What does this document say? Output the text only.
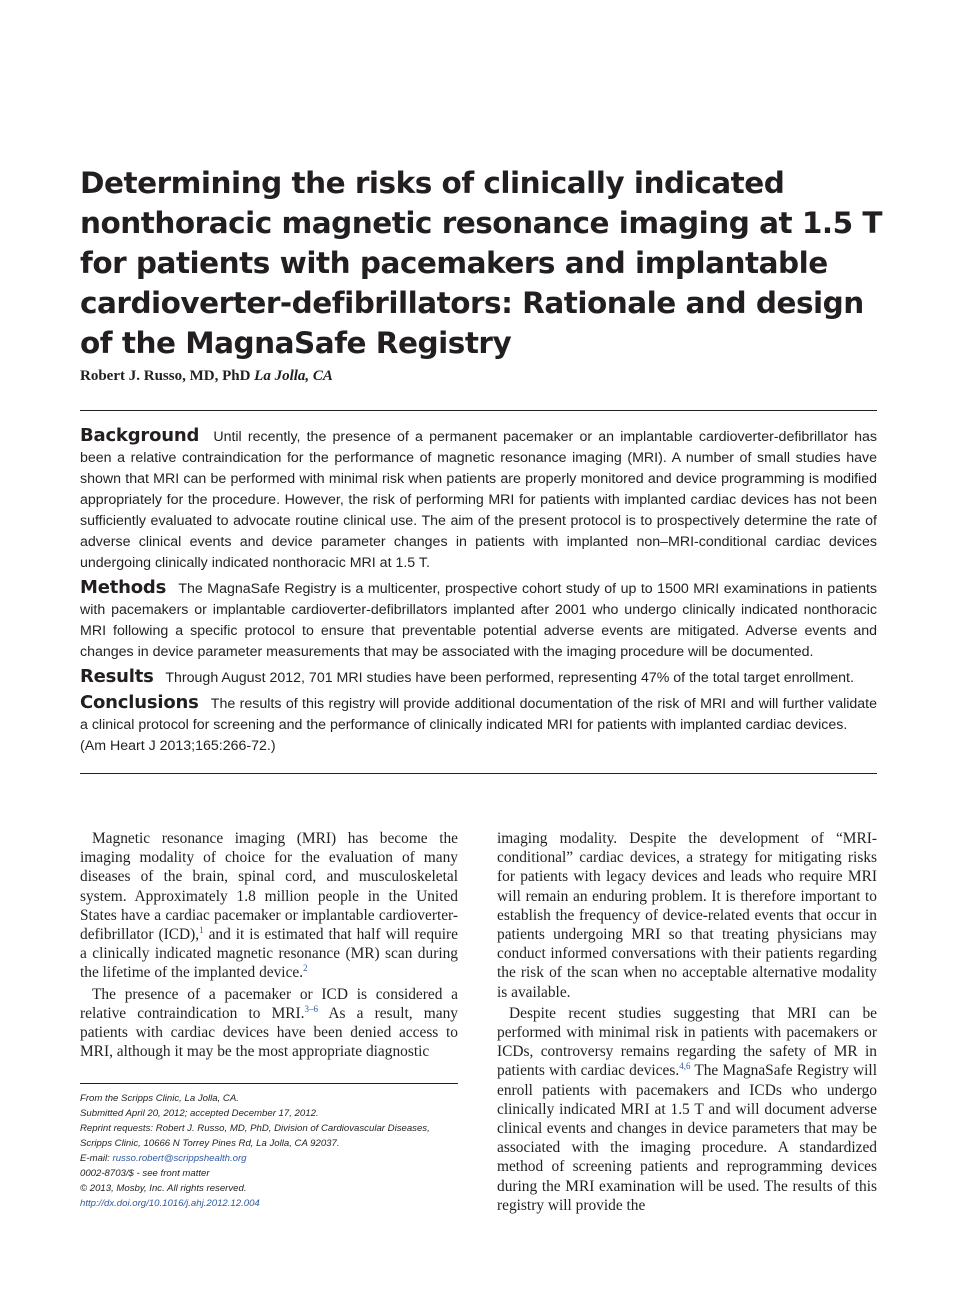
Determining the risks of clinically indicated nonthoracic magnetic resonance imaging at 1.5 T for patients with pacemakers and implantable cardioverter-defibrillators: Rationale and design of the MagnaSafe Registry
Robert J. Russo, MD, PhD La Jolla, CA

Background Until recently, the presence of a permanent pacemaker or an implantable cardioverter-defibrillator has been a relative contraindication for the performance of magnetic resonance imaging (MRI). A number of small studies have shown that MRI can be performed with minimal risk when patients are properly monitored and device programming is modified appropriately for the procedure. However, the risk of performing MRI for patients with implanted cardiac devices has not been sufficiently evaluated to advocate routine clinical use. The aim of the present protocol is to prospectively determine the rate of adverse clinical events and device parameter changes in patients with implanted non–MRI-conditional cardiac devices undergoing clinically indicated nonthoracic MRI at 1.5 T.

Methods The MagnaSafe Registry is a multicenter, prospective cohort study of up to 1500 MRI examinations in patients with pacemakers or implantable cardioverter-defibrillators implanted after 2001 who undergo clinically indicated nonthoracic MRI following a specific protocol to ensure that preventable potential adverse events are mitigated. Adverse events and changes in device parameter measurements that may be associated with the imaging procedure will be documented.

Results Through August 2012, 701 MRI studies have been performed, representing 47% of the total target enrollment.

Conclusions The results of this registry will provide additional documentation of the risk of MRI and will further validate a clinical protocol for screening and the performance of clinically indicated MRI for patients with implanted cardiac devices.

(Am Heart J 2013;165:266-72.)

Magnetic resonance imaging (MRI) has become the imaging modality of choice for the evaluation of many diseases of the brain, spinal cord, and musculoskeletal system. Approximately 1.8 million people in the United States have a cardiac pacemaker or implantable cardioverter-defibrillator (ICD),$^1$ and it is estimated that half will require a clinically indicated magnetic resonance (MR) scan during the lifetime of the implanted device.$^2$

The presence of a pacemaker or ICD is considered a relative contraindication to MRI.$^{3-6}$ As a result, many patients with cardiac devices have been denied access to MRI, although it may be the most appropriate diagnostic

imaging modality. Despite the development of “MRI-conditional” cardiac devices, a strategy for mitigating risks for patients with legacy devices and leads who require MRI will remain an enduring problem. It is therefore important to establish the frequency of device-related events that occur in patients undergoing MRI so that treating physicians may conduct informed conversations with their patients regarding the risk of the scan when no acceptable alternative modality is available.

Despite recent studies suggesting that MRI can be performed with minimal risk in patients with pacemakers or ICDs, controversy remains regarding the safety of MR in patients with cardiac devices.$^{4,6}$ The MagnaSafe Registry will enroll patients with pacemakers and ICDs who undergo clinically indicated MRI at 1.5 T and will document adverse clinical events and changes in device parameters that may be associated with the imaging procedure. A standardized method of screening patients and reprogramming devices during the MRI examination will be used. The results of this registry will provide the

From the Scripps Clinic, La Jolla, CA.
Submitted April 20, 2012; accepted December 17, 2012.
Reprint requests: Robert J. Russo, MD, PhD, Division of Cardiovascular Diseases, Scripps Clinic, 10666 N Torrey Pines Rd, La Jolla, CA 92037.
E-mail: russo.robert@scrippshealth.org
0002-8703/$ - see front matter
© 2013, Mosby, Inc. All rights reserved.
http://dx.doi.org/10.1016/j.ahj.2012.12.004
